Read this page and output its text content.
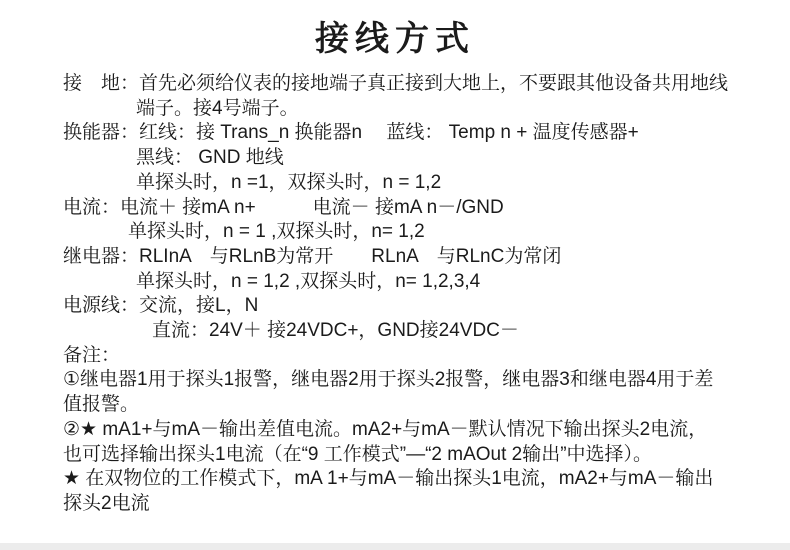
接线方式
接　地：首先必须给仪表的接地端子真正接到大地上，不要跟其他设备共用地线
端子。接4号端子。
换能器：红线：接 Trans_n 换能器n　 蓝线： Temp n + 温度传感器+
黑线： GND 地线
单探头时，n =1，双探头时，n = 1,2
电流：电流＋ 接mA n+　　　电流－ 接mA n－/GND
单探头时，n = 1 ,双探头时，n= 1,2
继电器：RLInA　与RLnB为常开　　RLnA　与RLnC为常闭
单探头时，n = 1,2 ,双探头时，n= 1,2,3,4
电源线：交流，接L，N
直流：24V＋ 接24VDC+，GND接24VDC－
备注：
①继电器1用于探头1报警，继电器2用于探头2报警，继电器3和继电器4用于差
值报警。
②★ mA1+与mA－输出差值电流。mA2+与mA－默认情况下输出探头2电流，
也可选择输出探头1电流（在“9 工作模式”—“2 mAOut 2输出”中选择）。
★ 在双物位的工作模式下，mA 1+与mA－输出探头1电流，mA2+与mA－输出
探头2电流
